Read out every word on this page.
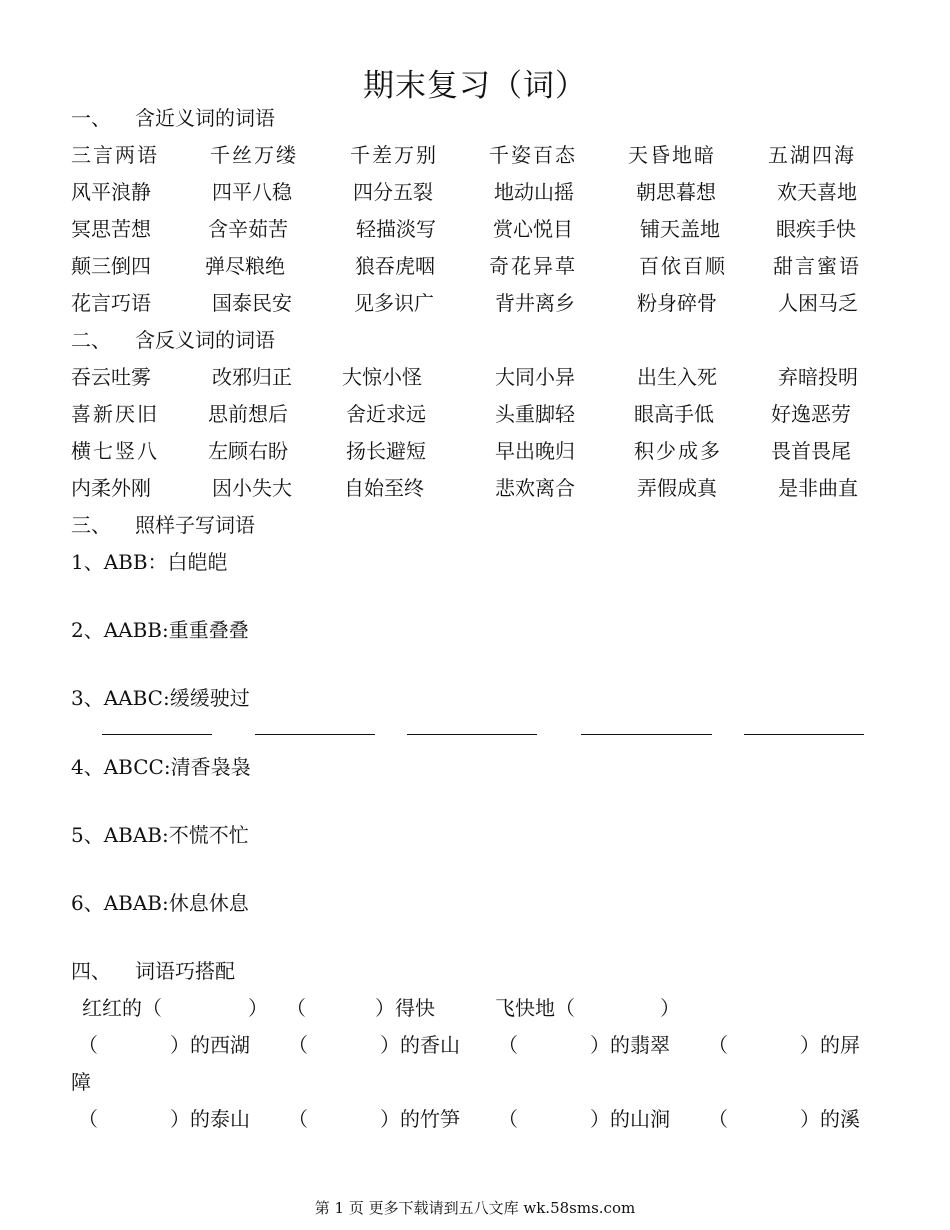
期末复习（词）
一、 含近义词的词语
三言两语	千丝万缕	千差万别	千姿百态	天昏地暗	五湖四海
风平浪静	四平八稳	四分五裂	地动山摇	朝思暮想	欢天喜地
冥思苦想	含辛茹苦	轻描淡写	赏心悦目	铺天盖地	眼疾手快
颠三倒四	弹尽粮绝	狼吞虎咽	奇花异草	百依百顺 甜言蜜语
花言巧语	国泰民安	见多识广	背井离乡	粉身碎骨	人困马乏
二、 含反义词的词语
吞云吐雾	改邪归正	大惊小怪	大同小异	出生入死	弃暗投明
喜新厌旧 思前想后	舍近求远	头重脚轻	眼高手低	好逸恶劳
横七竖八 左顾右盼	扬长避短	早出晚归	积少成多 畏首畏尾
内柔外刚	因小失大	自始至终	悲欢离合	弄假成真	是非曲直
三、 照样子写词语
1、ABB：白皑皑
2、AABB:重重叠叠
3、AABC:缓缓驶过
4、ABCC:清香袅袅
5、ABAB:不慌不忙
6、ABAB:休息休息
四、 词语巧搭配
红红的（	） （	）得快	飞快地（	）
（	）的西湖 （	）的香山 （	）的翡翠 （	）的屏
障
（	）的泰山 （	）的竹笋 （	）的山涧 （	）的溪
第 1 页 更多下载请到五八文库 wk.58sms.com
